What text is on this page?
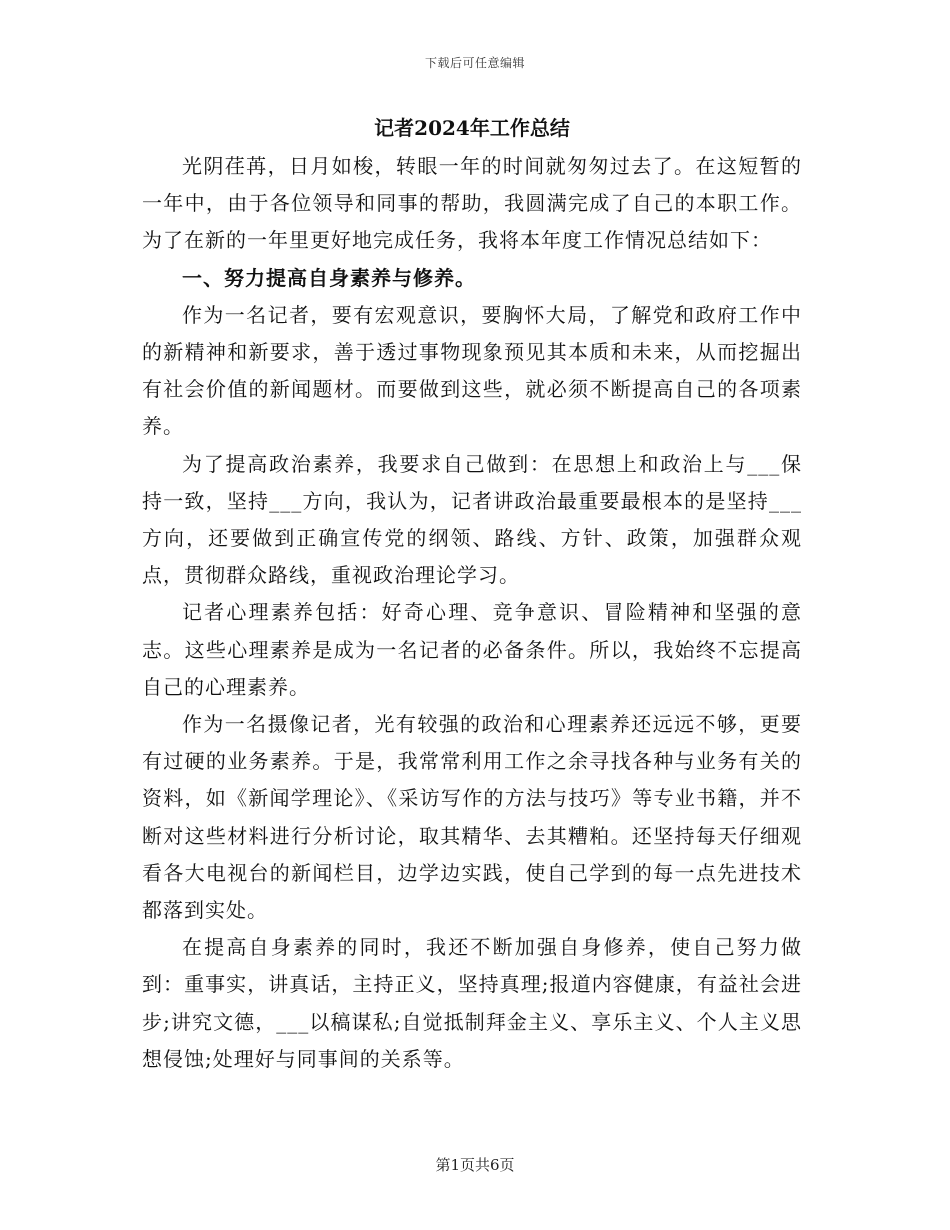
下载后可任意编辑
记者2024年工作总结

光阴荏苒，日月如梭，转眼一年的时间就匆匆过去了。在这短暂的一年中，由于各位领导和同事的帮助，我圆满完成了自己的本职工作。为了在新的一年里更好地完成任务，我将本年度工作情况总结如下：

一、努力提高自身素养与修养。

作为一名记者，要有宏观意识，要胸怀大局，了解党和政府工作中的新精神和新要求，善于透过事物现象预见其本质和未来，从而挖掘出有社会价值的新闻题材。而要做到这些，就必须不断提高自己的各项素养。

为了提高政治素养，我要求自己做到：在思想上和政治上与___保持一致，坚持___方向，我认为，记者讲政治最重要最根本的是坚持___方向，还要做到正确宣传党的纲领、路线、方针、政策，加强群众观点，贯彻群众路线，重视政治理论学习。

记者心理素养包括：好奇心理、竞争意识、冒险精神和坚强的意志。这些心理素养是成为一名记者的必备条件。所以，我始终不忘提高自己的心理素养。

作为一名摄像记者，光有较强的政治和心理素养还远远不够，更要有过硬的业务素养。于是，我常常利用工作之余寻找各种与业务有关的资料，如《新闻学理论》、《采访写作的方法与技巧》等专业书籍，并不断对这些材料进行分析讨论，取其精华、去其糟粕。还坚持每天仔细观看各大电视台的新闻栏目，边学边实践，使自己学到的每一点先进技术都落到实处。

在提高自身素养的同时，我还不断加强自身修养，使自己努力做到：重事实，讲真话，主持正义，坚持真理;报道内容健康，有益社会进步;讲究文德，___以稿谋私;自觉抵制拜金主义、享乐主义、个人主义思想侵蚀;处理好与同事间的关系等。

第1页共6页
